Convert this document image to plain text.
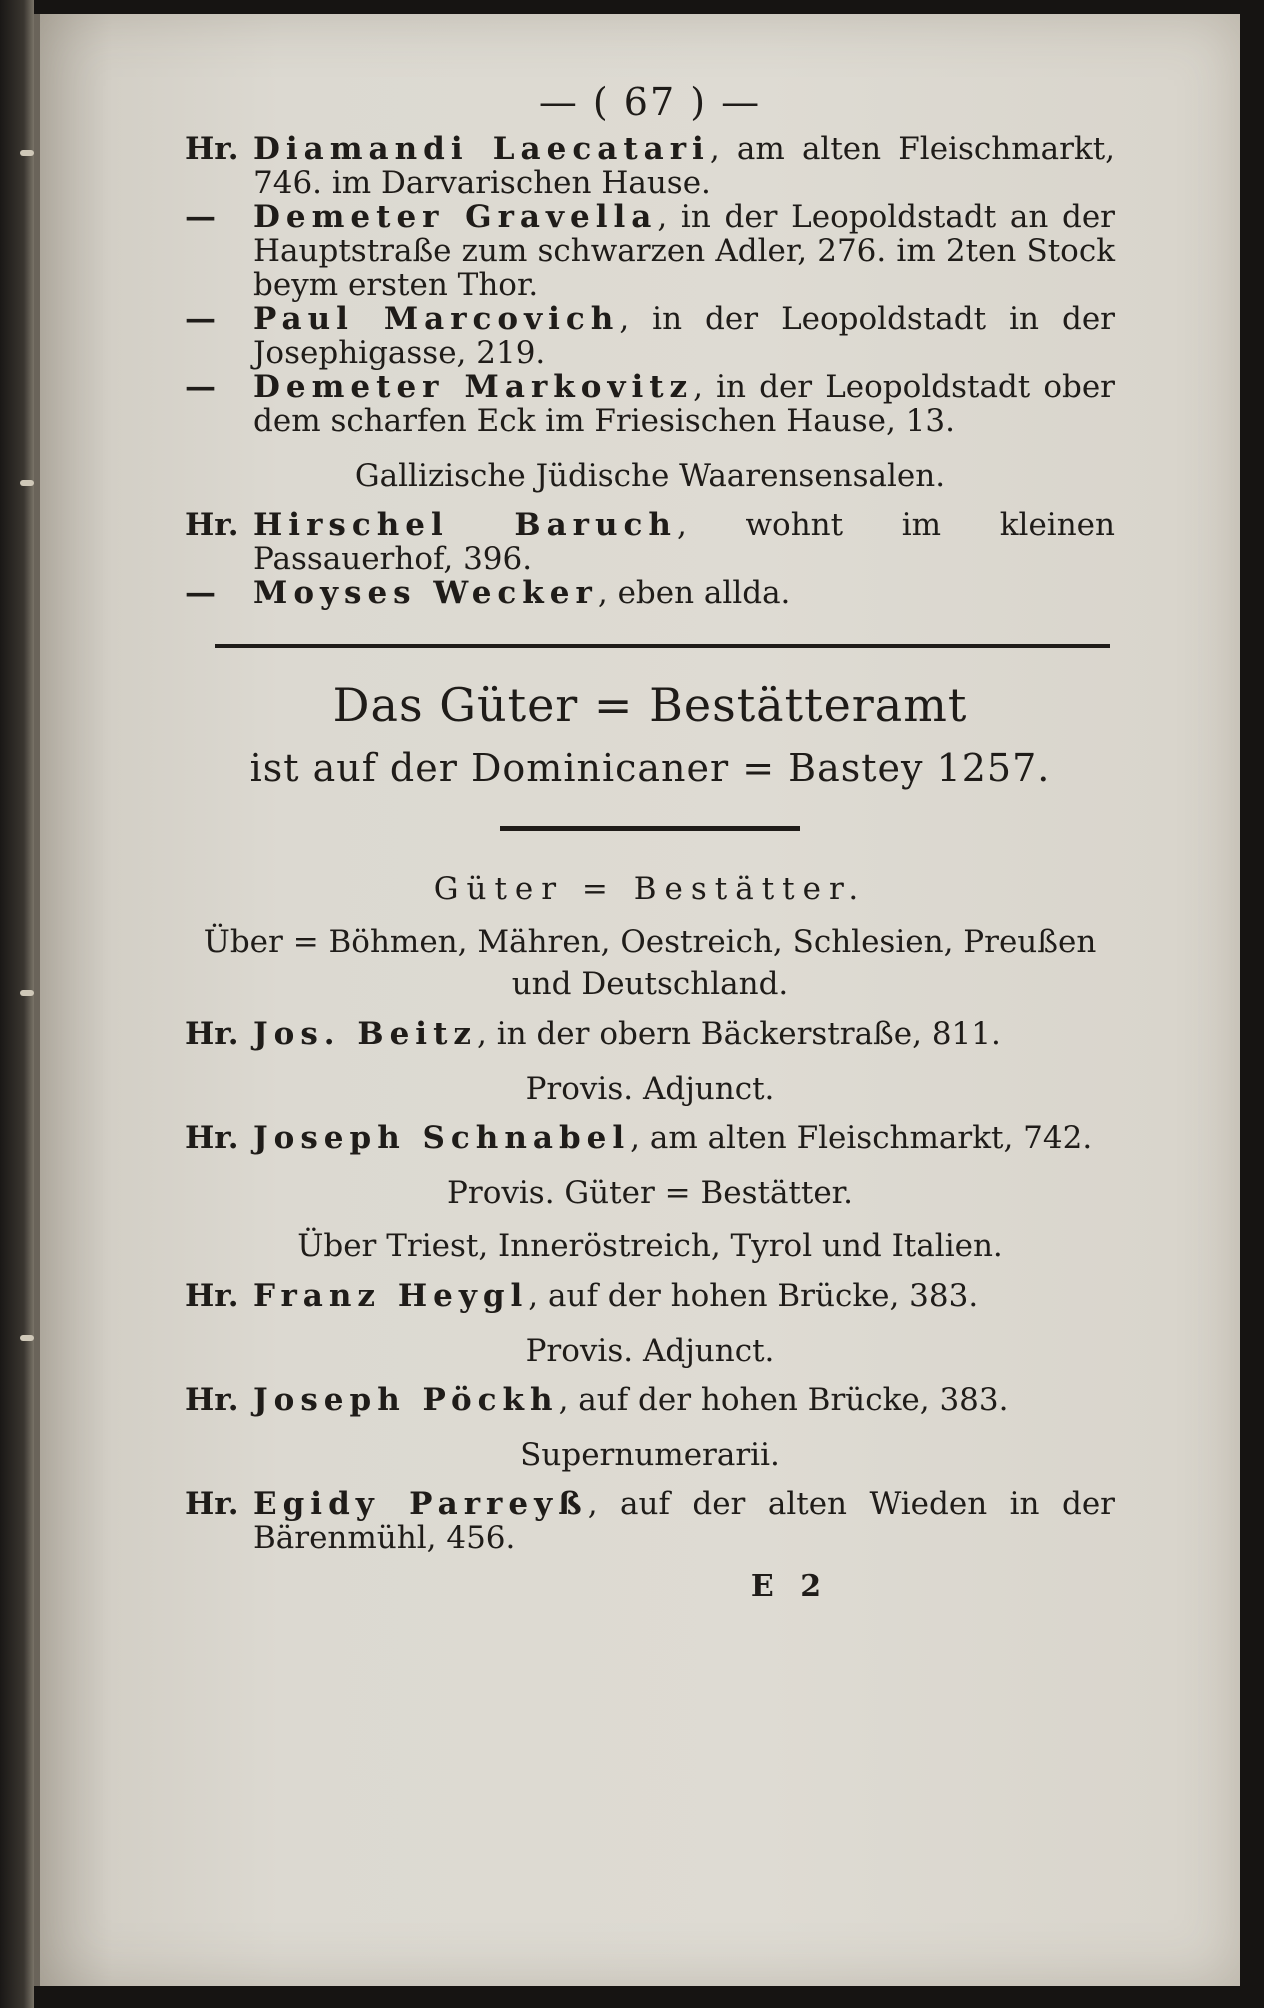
— ( 67 ) —

Hr. Diamandi Laecatari, am alten Fleischmarkt, 746. im Darvarischen Hause.

— Demeter Gravella, in der Leopoldstadt an der Hauptstraße zum schwarzen Adler, 276. im 2ten Stock beym ersten Thor.

— Paul Marcovich, in der Leopoldstadt in der Josephigasse, 219.

— Demeter Markovitz, in der Leopoldstadt ober dem scharfen Eck im Friesischen Hause, 13.

Gallizische Jüdische Waarensensalen.

Hr. Hirschel Baruch, wohnt im kleinen Passauerhof, 396.

— Moyses Wecker, eben allda.

Das Güter = Bestätteramt
ist auf der Dominicaner = Bastey 1257.
Güter = Bestätter.
Über = Böhmen, Mähren, Oestreich, Schlesien, Preußen und Deutschland.

Hr. Jos. Beitz, in der obern Bäckerstraße, 811.

Provis. Adjunct.

Hr. Joseph Schnabel, am alten Fleischmarkt, 742.

Provis. Güter = Bestätter.
Über Triest, Inneröstreich, Tyrol und Italien.

Hr. Franz Heygl, auf der hohen Brücke, 383.

Provis. Adjunct.

Hr. Joseph Pöckh, auf der hohen Brücke, 383.

Supernumerarii.

Hr. Egidy Parreyß, auf der alten Wieden in der Bärenmühl, 456.

E 2
